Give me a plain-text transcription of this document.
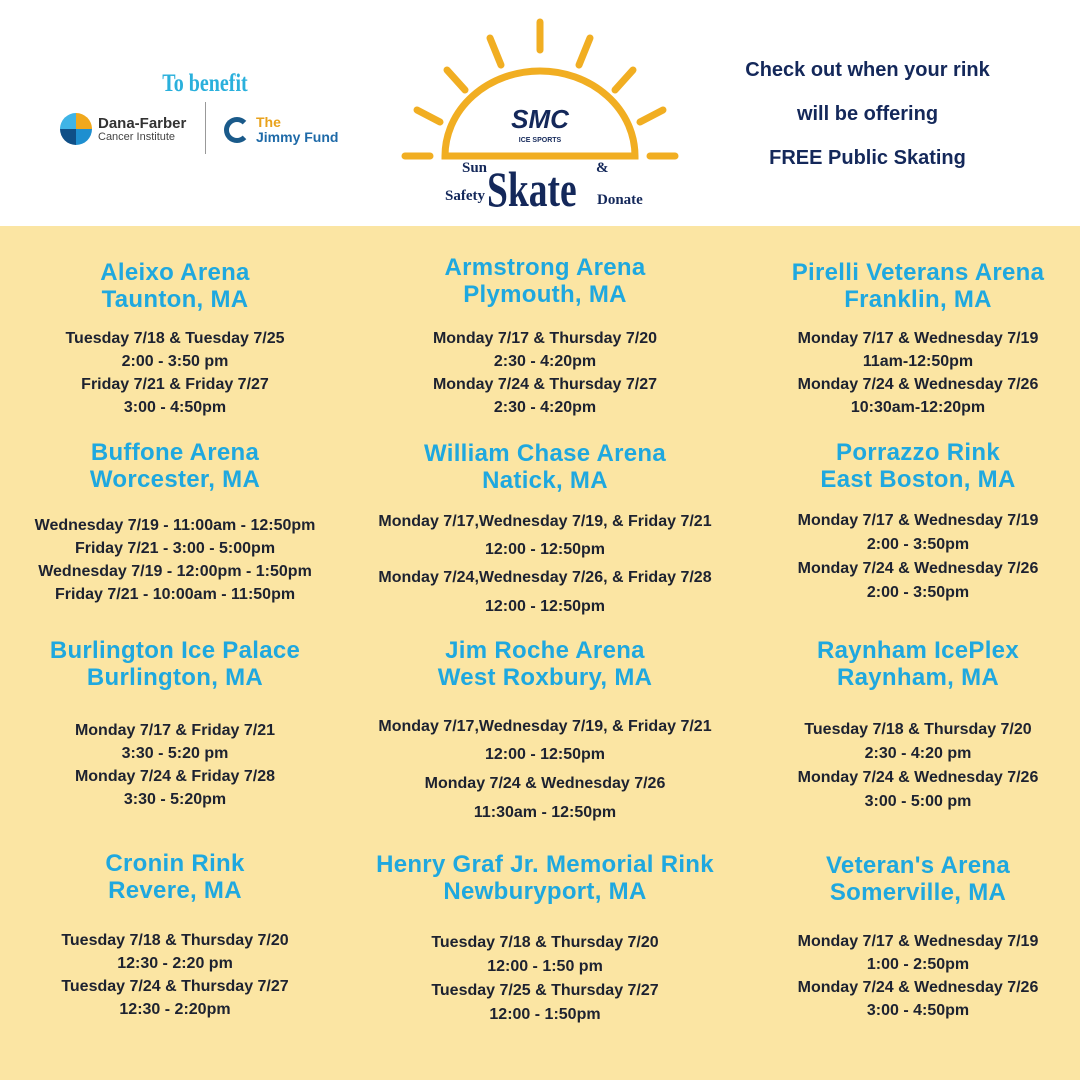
To benefit
Dana-Farber
Cancer Institute
The
Jimmy Fund
SMC
ICE SPORTS
Sun
Safety Skate &
Donate
Check out when your rink
will be offering
FREE Public Skating
Aleixo Arena
Taunton, MA
Tuesday 7/18 & Tuesday 7/25
2:00 - 3:50 pm
Friday 7/21 & Friday 7/27
3:00 - 4:50pm
Armstrong Arena
Plymouth, MA
Monday 7/17 & Thursday 7/20
2:30 - 4:20pm
Monday 7/24 & Thursday 7/27
2:30 - 4:20pm
Pirelli Veterans Arena
Franklin, MA
Monday 7/17 & Wednesday 7/19
11am-12:50pm
Monday 7/24 & Wednesday 7/26
10:30am-12:20pm
Buffone Arena
Worcester, MA
Wednesday 7/19 - 11:00am - 12:50pm
Friday 7/21 - 3:00 - 5:00pm
Wednesday 7/19 - 12:00pm - 1:50pm
Friday 7/21 - 10:00am - 11:50pm
William Chase Arena
Natick, MA
Monday 7/17,Wednesday 7/19, & Friday 7/21
12:00 - 12:50pm
Monday 7/24,Wednesday 7/26, & Friday 7/28
12:00 - 12:50pm
Porrazzo Rink
East Boston, MA
Monday 7/17 & Wednesday 7/19
2:00 - 3:50pm
Monday 7/24 & Wednesday 7/26
2:00 - 3:50pm
Burlington Ice Palace
Burlington, MA
Monday 7/17 & Friday 7/21
3:30 - 5:20 pm
Monday 7/24 & Friday 7/28
3:30 - 5:20pm
Jim Roche Arena
West Roxbury, MA
Monday 7/17,Wednesday 7/19, & Friday 7/21
12:00 - 12:50pm
Monday 7/24 & Wednesday 7/26
11:30am - 12:50pm
Raynham IcePlex
Raynham, MA
Tuesday 7/18 & Thursday 7/20
2:30 - 4:20 pm
Monday 7/24 & Wednesday 7/26
3:00 - 5:00 pm
Cronin Rink
Revere, MA
Tuesday 7/18 & Thursday 7/20
12:30 - 2:20 pm
Tuesday 7/24 & Thursday 7/27
12:30 - 2:20pm
Henry Graf Jr. Memorial Rink
Newburyport, MA
Tuesday 7/18 & Thursday 7/20
12:00 - 1:50 pm
Tuesday 7/25 & Thursday 7/27
12:00 - 1:50pm
Veteran's Arena
Somerville, MA
Monday 7/17 & Wednesday 7/19
1:00 - 2:50pm
Monday 7/24 & Wednesday 7/26
3:00 - 4:50pm
